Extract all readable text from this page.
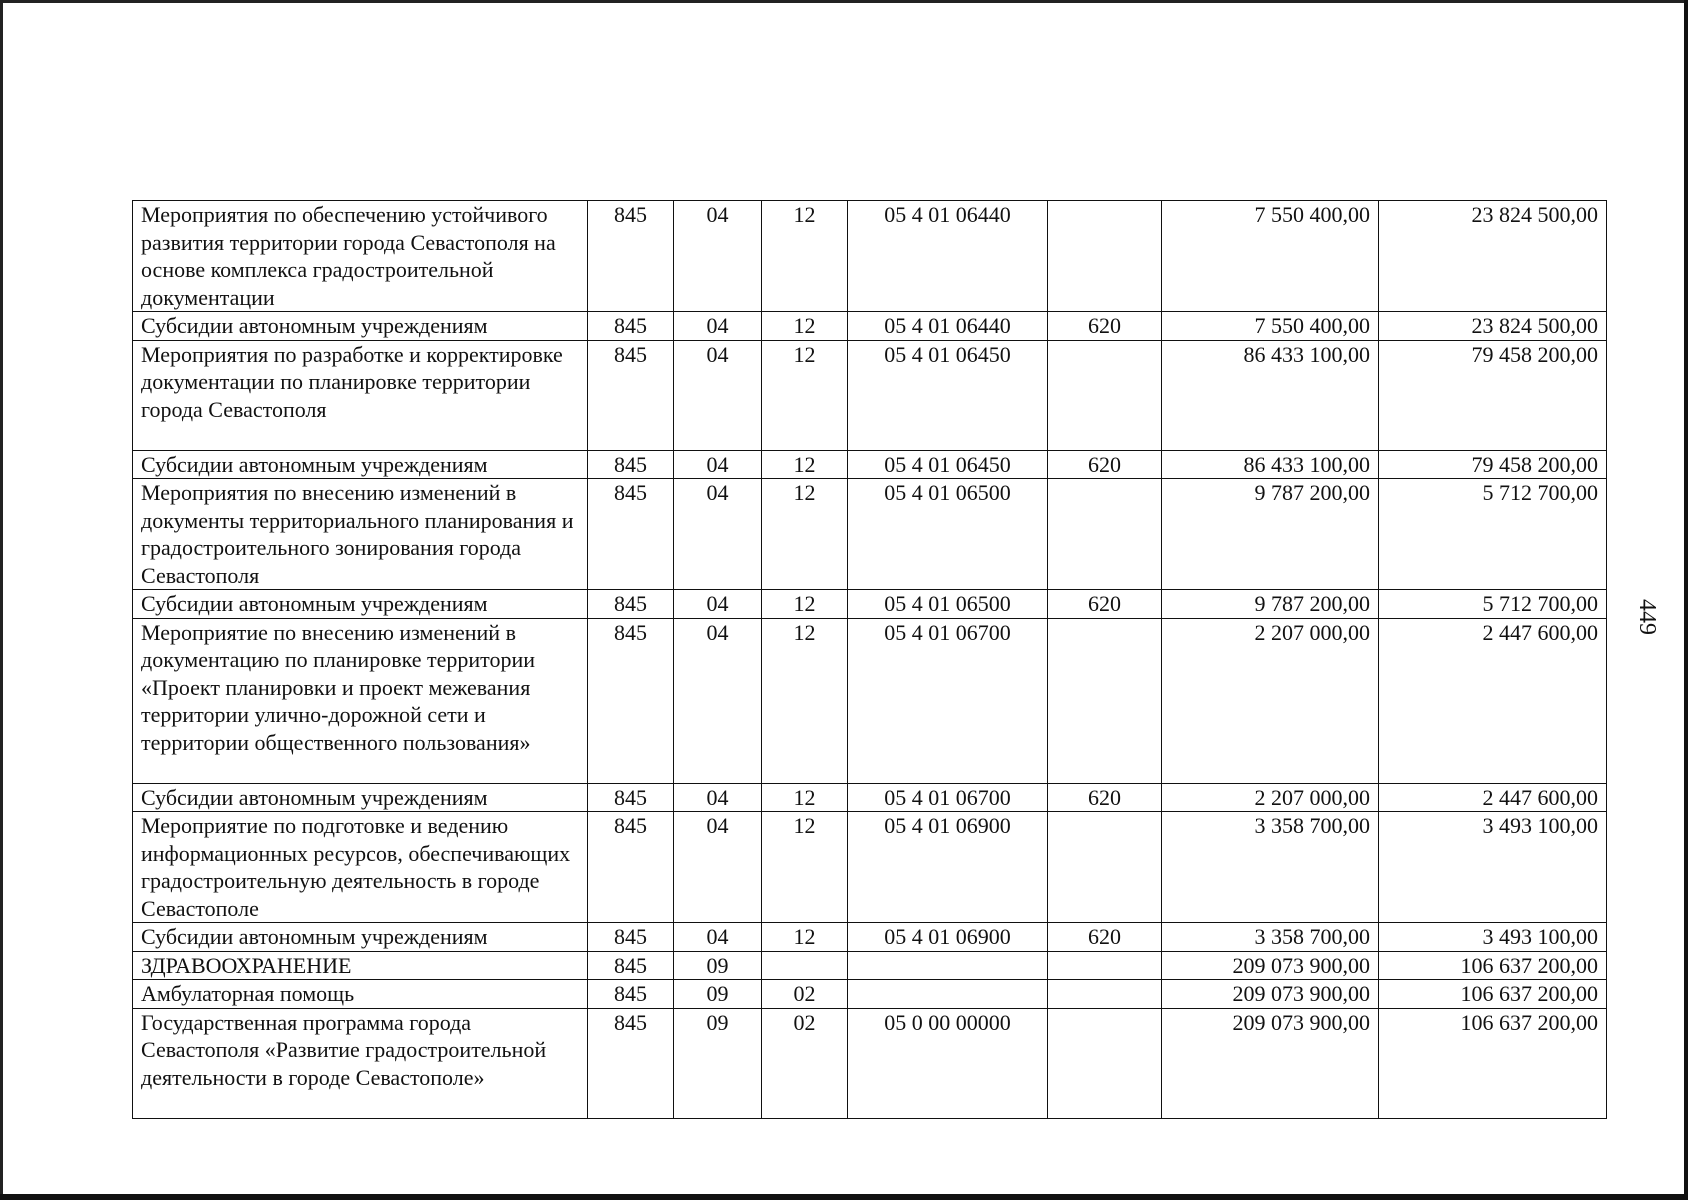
Мероприятия по обеспечению устойчивого развития территории города Севастополя на основе комплекса градостроительной документации	845	04	12	05 4 01 06440		7 550 400,00	23 824 500,00
Субсидии автономным учреждениям	845	04	12	05 4 01 06440	620	7 550 400,00	23 824 500,00
Мероприятия по разработке и корректировке документации по планировке территории города Севастополя	845	04	12	05 4 01 06450		86 433 100,00	79 458 200,00
Субсидии автономным учреждениям	845	04	12	05 4 01 06450	620	86 433 100,00	79 458 200,00
Мероприятия по внесению изменений в документы территориального планирования и градостроительного зонирования города Севастополя	845	04	12	05 4 01 06500		9 787 200,00	5 712 700,00
Субсидии автономным учреждениям	845	04	12	05 4 01 06500	620	9 787 200,00	5 712 700,00
Мероприятие по внесению изменений в документацию по планировке территории «Проект планировки и проект межевания территории улично-дорожной сети и территории общественного пользования»	845	04	12	05 4 01 06700		2 207 000,00	2 447 600,00
Субсидии автономным учреждениям	845	04	12	05 4 01 06700	620	2 207 000,00	2 447 600,00
Мероприятие по подготовке и ведению информационных ресурсов, обеспечивающих градостроительную деятельность в городе Севастополе	845	04	12	05 4 01 06900		3 358 700,00	3 493 100,00
Субсидии автономным учреждениям	845	04	12	05 4 01 06900	620	3 358 700,00	3 493 100,00
ЗДРАВООХРАНЕНИЕ	845	09				209 073 900,00	106 637 200,00
Амбулаторная помощь	845	09	02			209 073 900,00	106 637 200,00
Государственная программа города Севастополя «Развитие градостроительной деятельности в городе Севастополе»	845	09	02	05 0 00 00000		209 073 900,00	106 637 200,00
449
